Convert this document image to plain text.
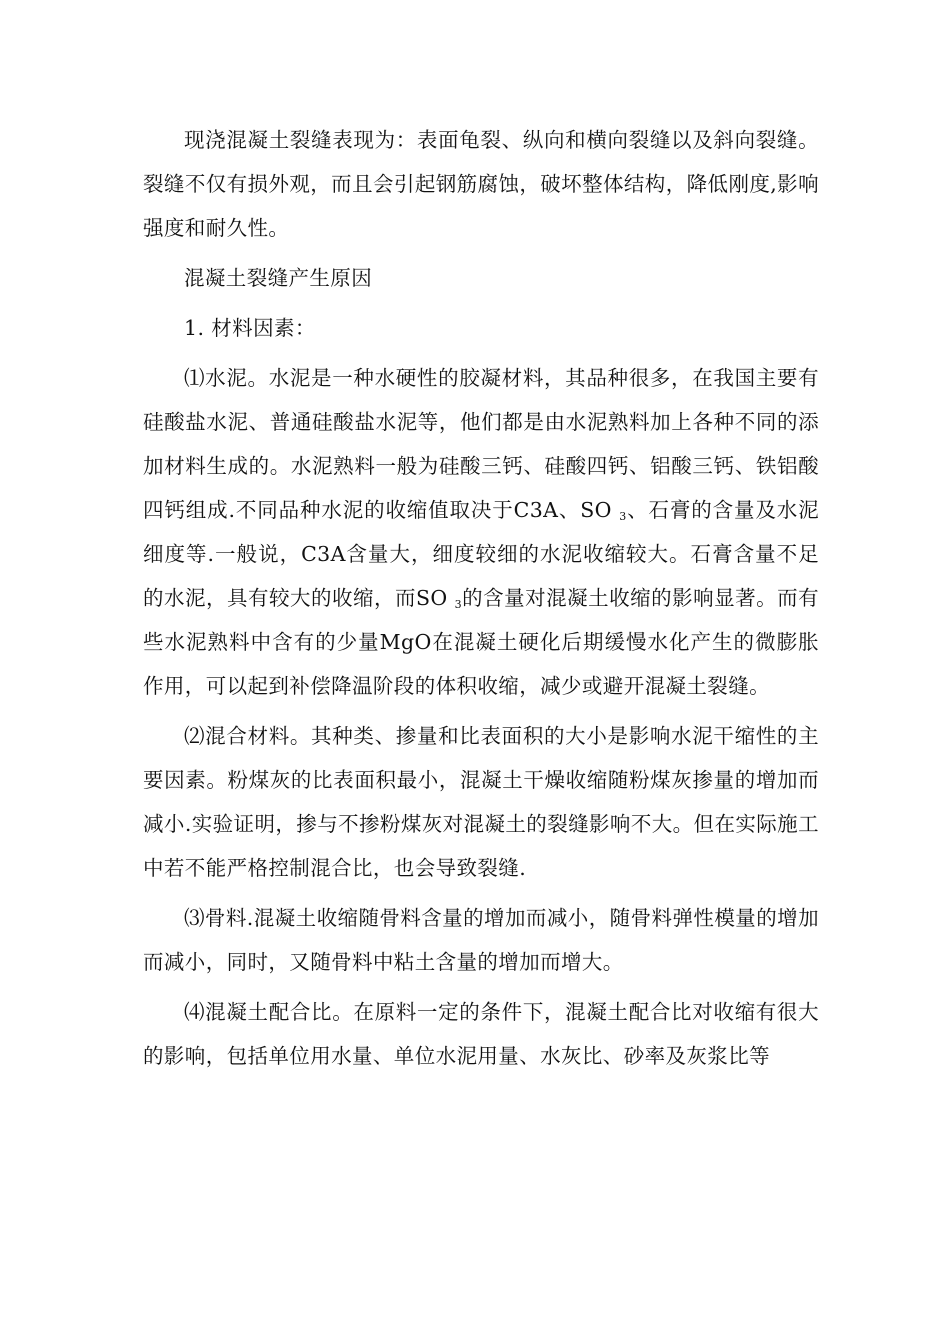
现浇混凝土裂缝表现为：表面龟裂、纵向和横向裂缝以及斜向裂缝。裂缝不仅有损外观，而且会引起钢筋腐蚀，破坏整体结构，降低刚度,影响强度和耐久性。

混凝土裂缝产生原因

1. 材料因素：

⑴水泥。水泥是一种水硬性的胶凝材料，其品种很多，在我国主要有硅酸盐水泥、普通硅酸盐水泥等，他们都是由水泥熟料加上各种不同的添加材料生成的。水泥熟料一般为硅酸三钙、硅酸四钙、铝酸三钙、铁铝酸四钙组成.不同品种水泥的收缩值取决于C3A、SO $_3$、石膏的含量及水泥细度等.一般说，C3A含量大，细度较细的水泥收缩较大。石膏含量不足的水泥，具有较大的收缩，而SO $_3$的含量对混凝土收缩的影响显著。而有些水泥熟料中含有的少量MgO在混凝土硬化后期缓慢水化产生的微膨胀作用，可以起到补偿降温阶段的体积收缩，减少或避开混凝土裂缝。

⑵混合材料。其种类、掺量和比表面积的大小是影响水泥干缩性的主要因素。粉煤灰的比表面积最小，混凝土干燥收缩随粉煤灰掺量的增加而减小.实验证明，掺与不掺粉煤灰对混凝土的裂缝影响不大。但在实际施工中若不能严格控制混合比，也会导致裂缝.

⑶骨料.混凝土收缩随骨料含量的增加而减小，随骨料弹性模量的增加而减小，同时，又随骨料中粘土含量的增加而增大。

⑷混凝土配合比。在原料一定的条件下，混凝土配合比对收缩有很大的影响，包括单位用水量、单位水泥用量、水灰比、砂率及灰浆比等
